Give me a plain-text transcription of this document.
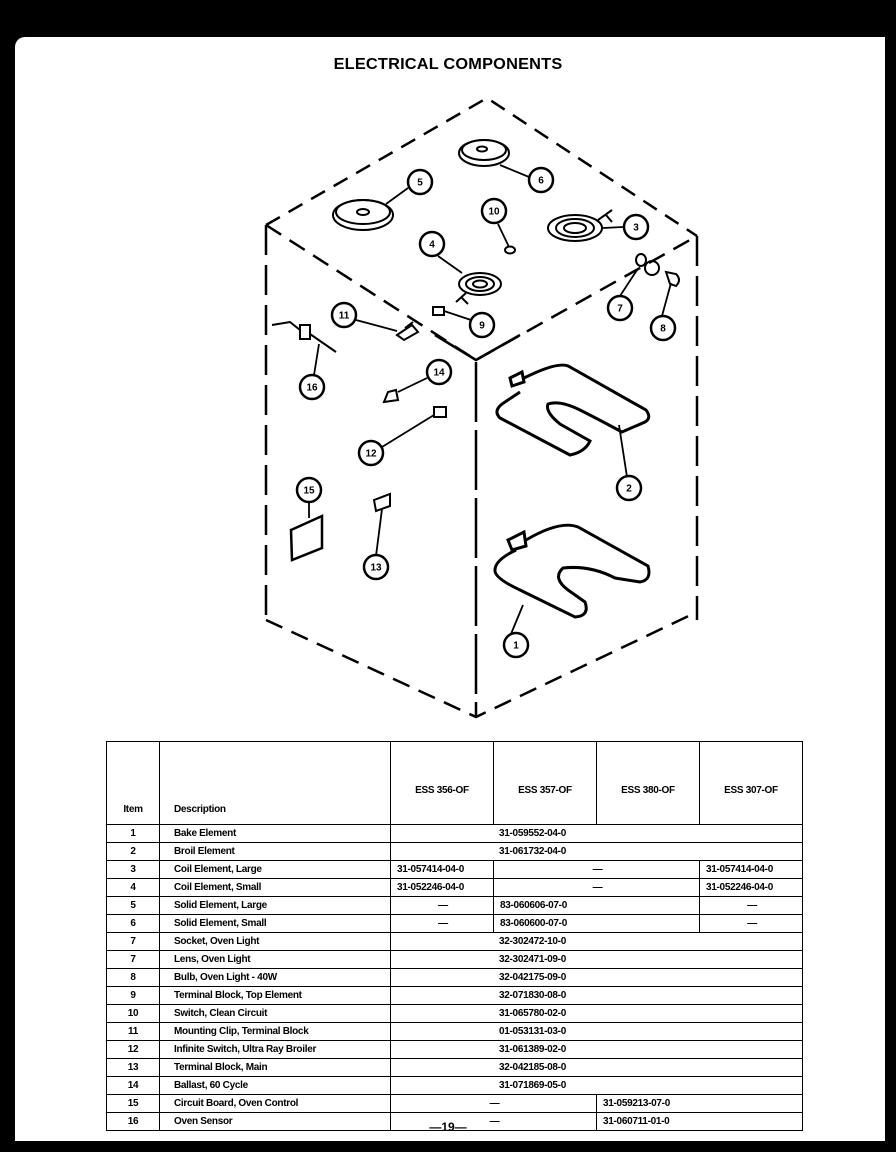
ELECTRICAL COMPONENTS
1
2
3
4
5	6
7
8
9
10
11
12
13
14
15
16
Item	Description	ESS 356-OF	ESS 357-OF	ESS 380-OF	ESS 307-OF
1	Bake Element	31-059552-04-0			
2	Broil Element	31-061732-04-0			
3	Coil Element, Large	31-057414-04-0	—		31-057414-04-0
4	Coil Element, Small	31-052246-04-0	—		31-052246-04-0
5	Solid Element, Large	—	83-060606-07-0		—
6	Solid Element, Small	—	83-060600-07-0		—
7	Socket, Oven Light	32-302472-10-0			
7	Lens, Oven Light	32-302471-09-0			
8	Bulb, Oven Light - 40W	32-042175-09-0			
9	Terminal Block, Top Element	32-071830-08-0			
10	Switch, Clean Circuit	31-065780-02-0			
11	Mounting Clip, Terminal Block	01-053131-03-0			
12	Infinite Switch, Ultra Ray Broiler	31-061389-02-0			
13	Terminal Block, Main	32-042185-08-0			
14	Ballast, 60 Cycle	31-071869-05-0			
15	Circuit Board, Oven Control	—		31-059213-07-0	
16	Oven Sensor	—		31-060711-01-0	
—19—
